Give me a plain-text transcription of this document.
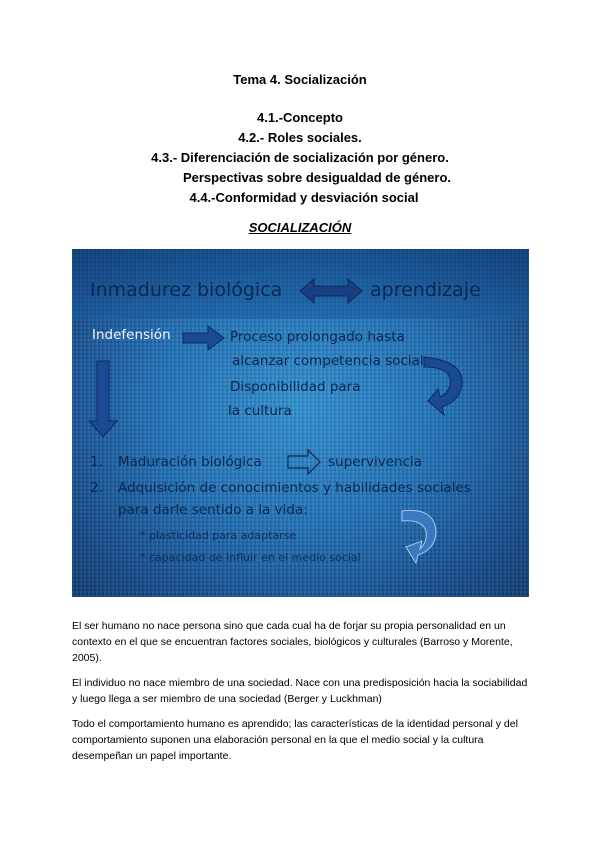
Tema 4. Socialización
4.1.-Concepto
4.2.- Roles sociales.
4.3.- Diferenciación de socialización por género.
Perspectivas sobre desigualdad de género.
4.4.-Conformidad y desviación social
SOCIALIZACIÓN
Inmadurez biológica	aprendizaje
Indefensión	Proceso prolongado hasta
alcanzar competencia social
Disponibilidad para
la cultura
1. Maduración biológica	supervivencia
2. Adquisición de conocimientos y habilidades sociales
para darle sentido a la vida:
* plasticidad para adaptarse
* capacidad de influir en el medio social
El ser humano no nace persona sino que cada cual ha de forjar su propia personalidad en un contexto en el que se encuentran factores sociales, biológicos y culturales (Barroso y Morente, 2005).
El individuo no nace miembro de una sociedad. Nace con una predisposición hacia la sociabilidad y luego llega a ser miembro de una sociedad (Berger y Luckhman)
Todo el comportamiento humano es aprendido; las características de la identidad personal y del comportamiento suponen una elaboración personal en la que el medio social y la cultura desempeñan un papel importante.
